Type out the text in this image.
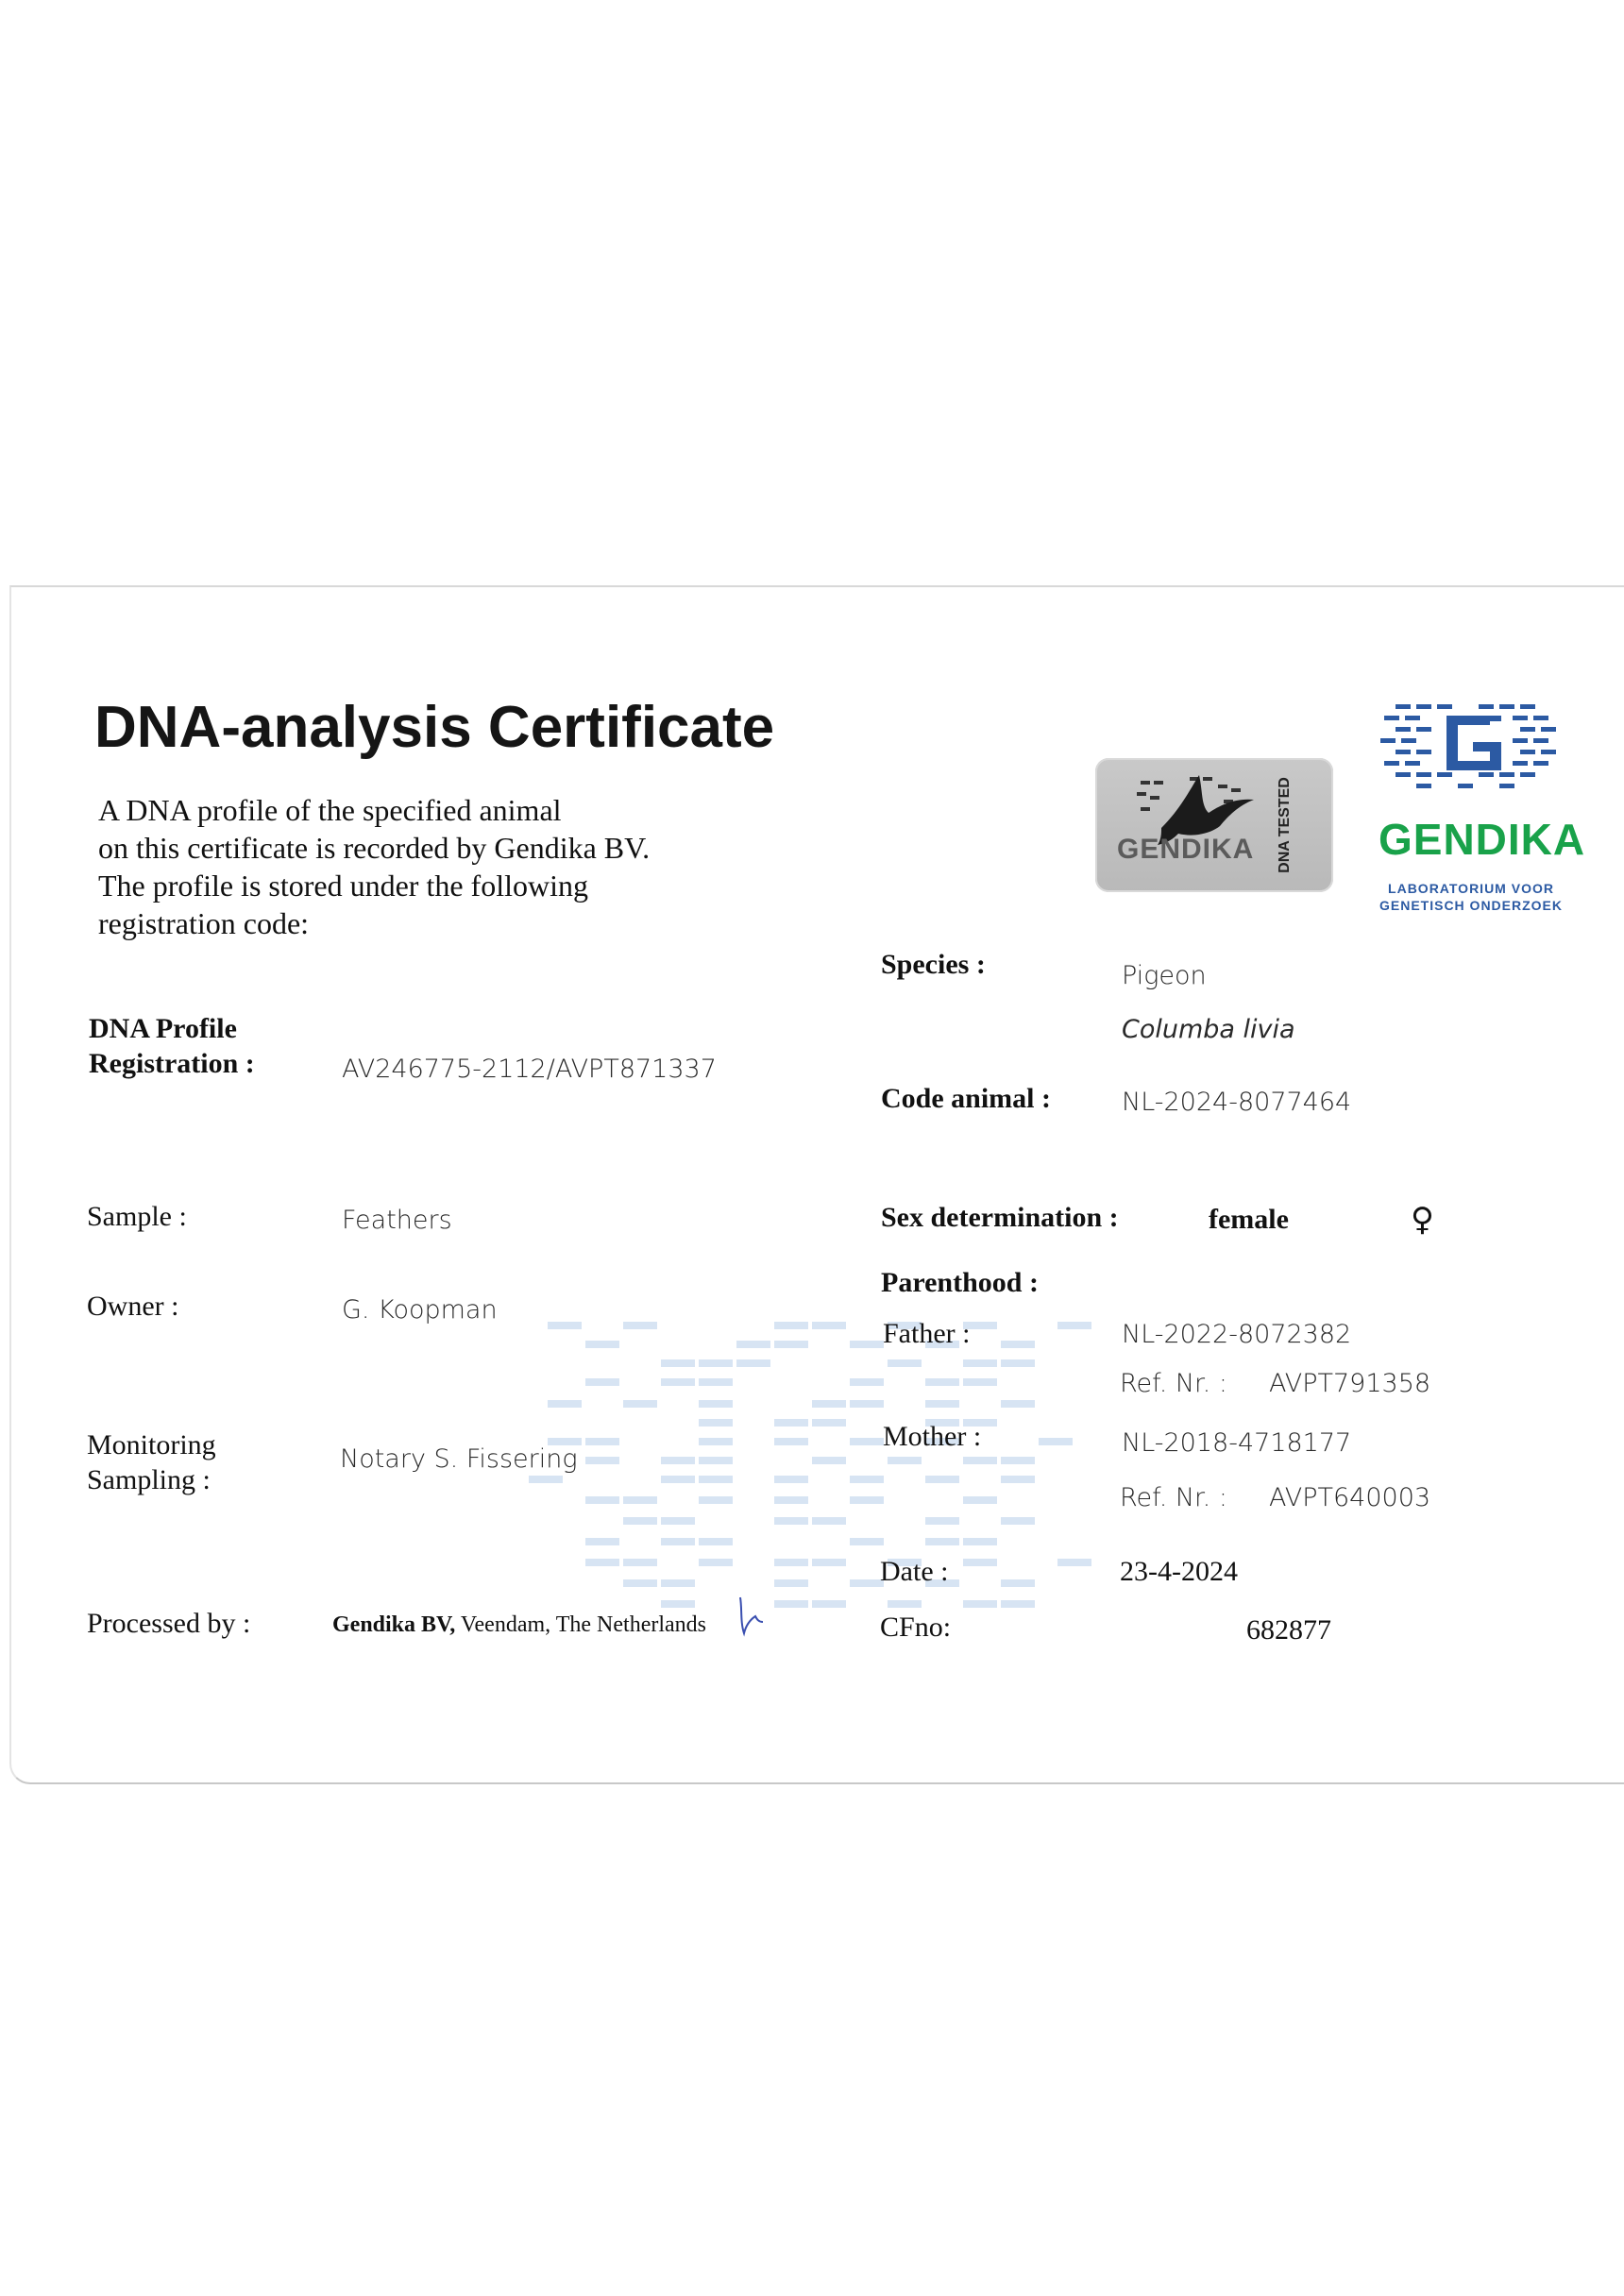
DNA-analysis Certificate
A DNA profile of the specified animal
on this certificate is recorded by Gendika BV.
The profile is stored under the following
registration code:
GENDIKA DNA TESTED GENDIKA
LABORATORIUM VOOR
GENETISCH ONDERZOEK
DNA Profile
Registration :	AV246775-2112/AVPT871337
Sample :	Feathers
Owner :	G. Koopman
Monitoring
Sampling :
Notary S. Fissering
Processed by :	Gendika BV, Veendam, The Netherlands
Species :	Pigeon
Columba livia
Code animal :	NL-2024-8077464
Sex determination :	female	♀
Parenthood :
Father :	NL-2022-8072382
Ref. Nr. : AVPT791358
Mother :	NL-2018-4718177
Ref. Nr. : AVPT640003
Date :	23-4-2024
CFno:	682877
